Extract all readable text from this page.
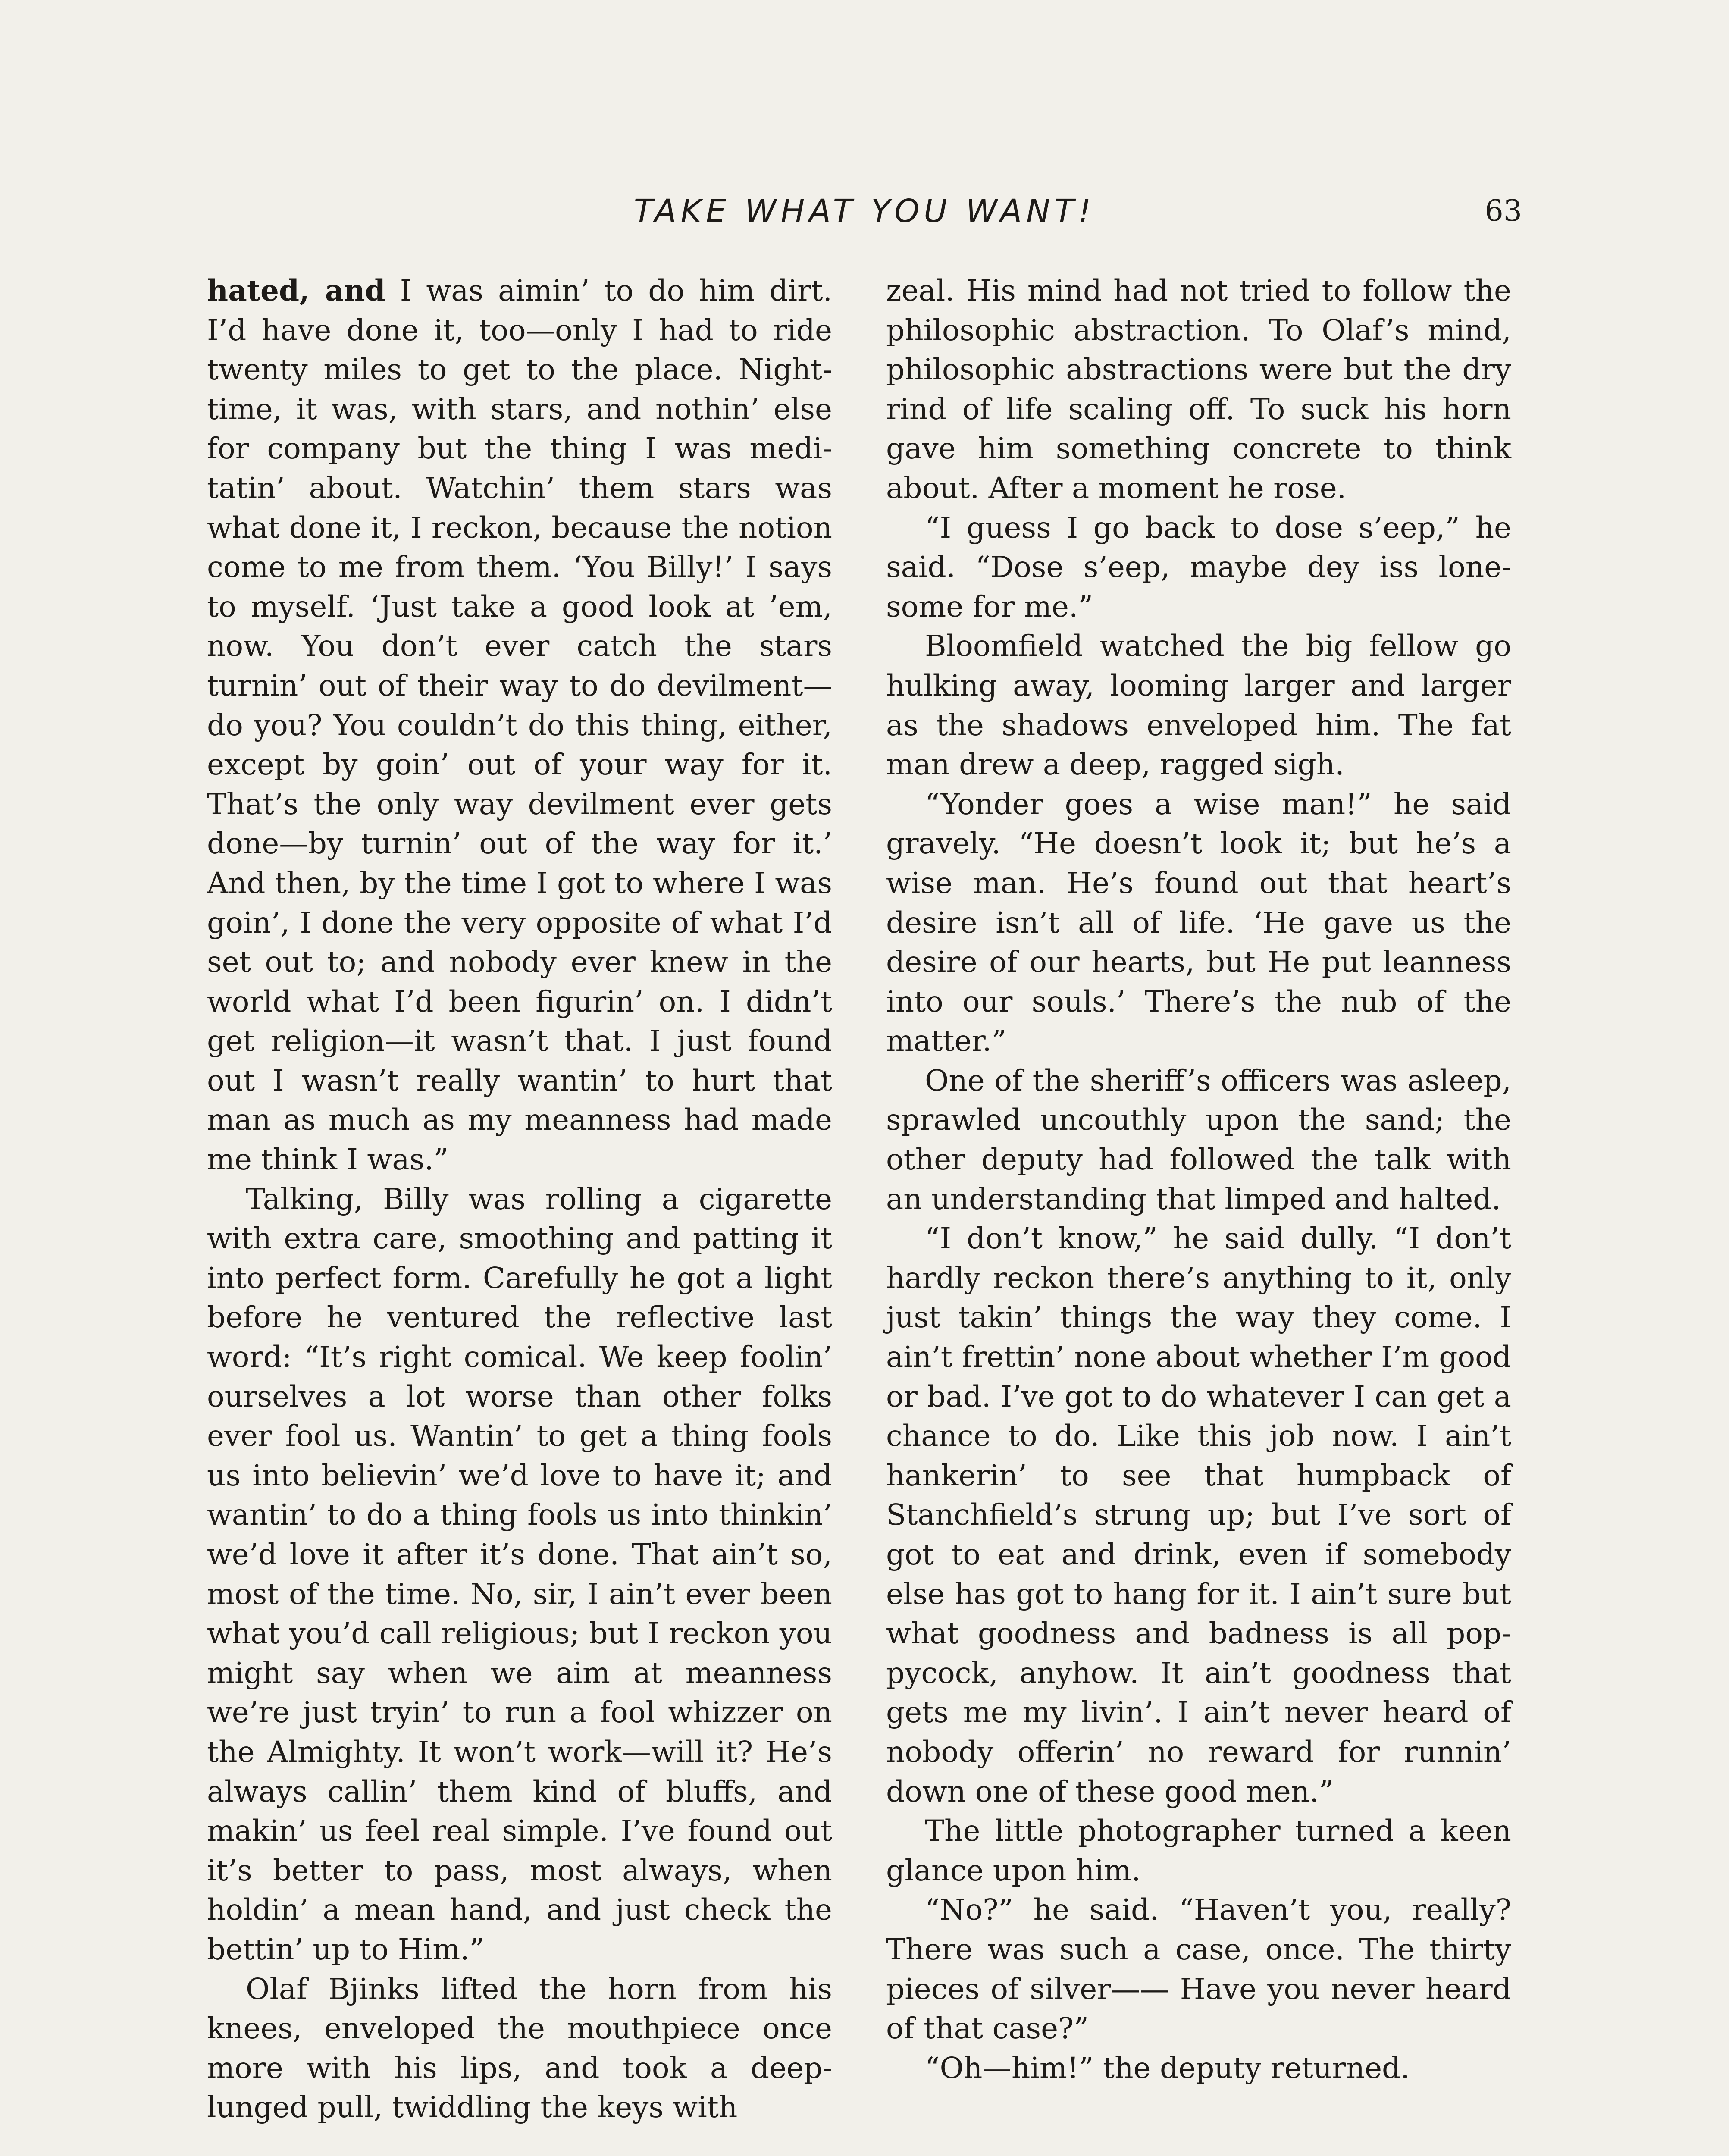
TAKE WHAT YOU WANT!	63

hated, and I was aimin’ to do him dirt. I’d have done it, too—only I had to ride twenty miles to get to the place. Nighttime, it was, with stars, and nothin’ else for company but the thing I was meditatin’ about. Watchin’ them stars was what done it, I reckon, because the notion come to me from them. ‘You Billy!’ I says to myself. ‘Just take a good look at ’em, now. You don’t ever catch the stars turnin’ out of their way to do devilment—do you? You couldn’t do this thing, either, except by goin’ out of your way for it. That’s the only way devilment ever gets done—by turnin’ out of the way for it.’ And then, by the time I got to where I was goin’, I done the very opposite of what I’d set out to; and nobody ever knew in the world what I’d been figurin’ on. I didn’t get religion—it wasn’t that. I just found out I wasn’t really wantin’ to hurt that man as much as my meanness had made me think I was.”

Talking, Billy was rolling a cigarette with extra care, smoothing and patting it into perfect form. Carefully he got a light before he ventured the reflective last word: “It’s right comical. We keep foolin’ ourselves a lot worse than other folks ever fool us. Wantin’ to get a thing fools us into believin’ we’d love to have it; and wantin’ to do a thing fools us into thinkin’ we’d love it after it’s done. That ain’t so, most of the time. No, sir, I ain’t ever been what you’d call religious; but I reckon you might say when we aim at meanness we’re just tryin’ to run a fool whizzer on the Almighty. It won’t work—will it? He’s always callin’ them kind of bluffs, and makin’ us feel real simple. I’ve found out it’s better to pass, most always, when holdin’ a mean hand, and just check the bettin’ up to Him.”

Olaf Bjinks lifted the horn from his knees, enveloped the mouthpiece once more with his lips, and took a deep-lunged pull, twiddling the keys with

zeal. His mind had not tried to follow the philosophic abstraction. To Olaf’s mind, philosophic abstractions were but the dry rind of life scaling off. To suck his horn gave him something concrete to think about. After a moment he rose.

“I guess I go back to dose s’eep,” he said. “Dose s’eep, maybe dey iss lonesome for me.”

Bloomfield watched the big fellow go hulking away, looming larger and larger as the shadows enveloped him. The fat man drew a deep, ragged sigh.

“Yonder goes a wise man!” he said gravely. “He doesn’t look it; but he’s a wise man. He’s found out that heart’s desire isn’t all of life. ‘He gave us the desire of our hearts, but He put leanness into our souls.’ There’s the nub of the matter.”

One of the sheriff’s officers was asleep, sprawled uncouthly upon the sand; the other deputy had followed the talk with an understanding that limped and halted.

“I don’t know,” he said dully. “I don’t hardly reckon there’s anything to it, only just takin’ things the way they come. I ain’t frettin’ none about whether I’m good or bad. I’ve got to do whatever I can get a chance to do. Like this job now. I ain’t hankerin’ to see that humpback of Stanchfield’s strung up; but I’ve sort of got to eat and drink, even if somebody else has got to hang for it. I ain’t sure but what goodness and badness is all poppycock, anyhow. It ain’t goodness that gets me my livin’. I ain’t never heard of nobody offerin’ no reward for runnin’ down one of these good men.”

The little photographer turned a keen glance upon him.

“No?” he said. “Haven’t you, really? There was such a case, once. The thirty pieces of silver—— Have you never heard of that case?”

“Oh—him!” the deputy returned.
